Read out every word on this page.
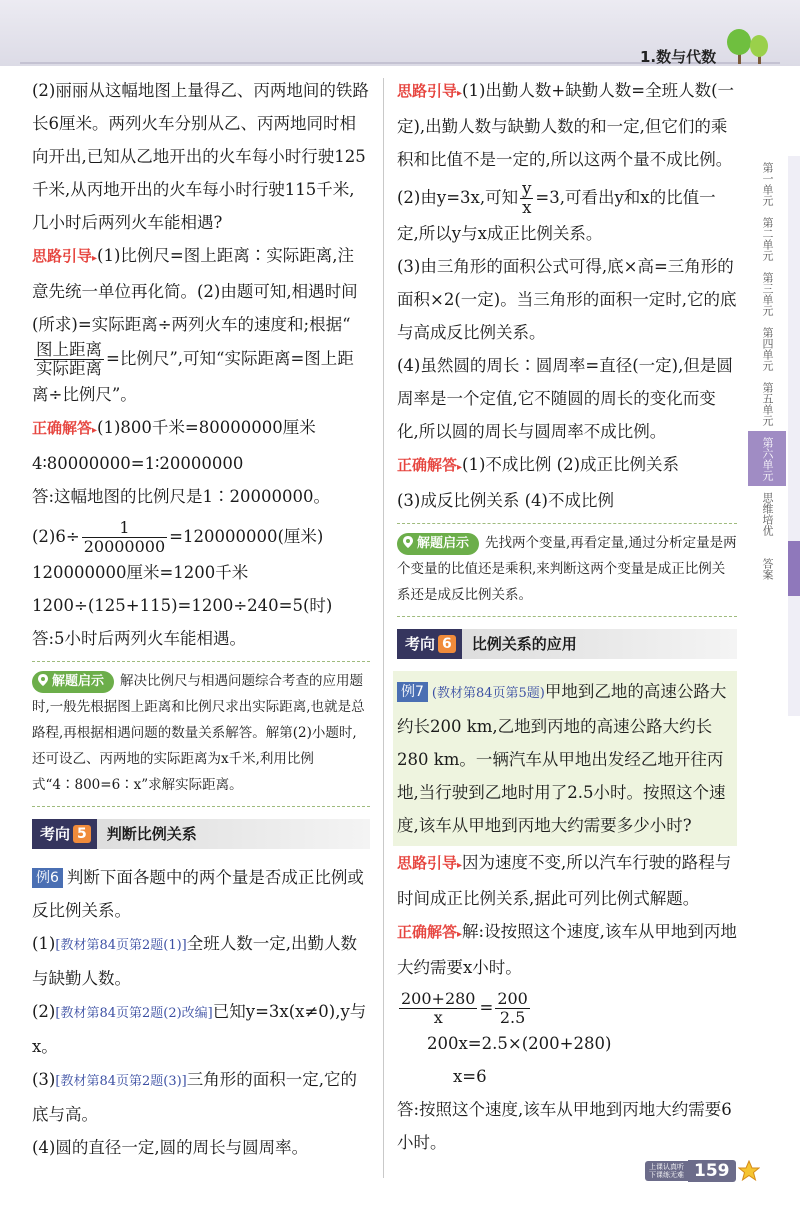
1.数与代数

(2)丽丽从这幅地图上量得乙、丙两地间的铁路长6厘米。两列火车分别从乙、丙两地同时相向开出,已知从乙地开出的火车每小时行驶125千米,从丙地开出的火车每小时行驶115千米,几小时后两列火车能相遇?

思路引导▸(1)比例尺=图上距离∶实际距离,注意先统一单位再化简。(2)由题可知,相遇时间(所求)=实际距离÷两列火车的速度和;根据“
$\frac{\text{图上距离}}{\text{实际距离}}$ =比例尺”,可知“实际距离=图上距离÷比例尺”。

正确解答▸(1)800千米=80000000厘米

4∶80000000=1∶20000000

答:这幅地图的比例尺是1∶20000000。

$(2)6\div \frac{1}{20000000} =120000000$(厘米)

120000000厘米=1200千米

1200÷(125+115)=1200÷240=5(时)

答:5小时后两列火车能相遇。

解题启示 解决比例尺与相遇问题综合考查的应用题时,一般先根据图上距离和比例尺求出实际距离,也就是总路程,再根据相遇问题的数量关系解答。解第(2)小题时,还可设乙、丙两地的实际距离为x千米,利用比例式“4∶800=6∶x”求解实际距离。
考向 5 判断比例关系

例6 判断下面各题中的两个量是否成正比例或反比例关系。

(1)[教材第84页第2题(1)]全班人数一定,出勤人数与缺勤人数。

(2)[教材第84页第2题(2)改编]已知y=3x(x≠0),y与x。

(3)[教材第84页第2题(3)]三角形的面积一定,它的底与高。

(4)圆的直径一定,圆的周长与圆周率。

思路引导▸(1)出勤人数+缺勤人数=全班人数(一定),出勤人数与缺勤人数的和一定,但它们的乘积和比值不是一定的,所以这两个量不成比例。

(2)由y=3x,可知 $\frac{y}{x} =3$,可看出y和x的比值一定,所以y与x成正比例关系。

(3)由三角形的面积公式可得,底×高=三角形的面积×2(一定)。当三角形的面积一定时,它的底与高成反比例关系。

(4)虽然圆的周长∶圆周率=直径(一定),但是圆周率是一个定值,它不随圆的周长的变化而变化,所以圆的周长与圆周率不成比例。

正确解答▸(1)不成比例 (2)成正比例关系

(3)成反比例关系 (4)不成比例

解题启示 先找两个变量,再看定量,通过分析定量是两个变量的比值还是乘积,来判断这两个变量是成正比例关系还是成反比例关系。
考向 6 比例关系的应用

例7 (教材第84页第5题)甲地到乙地的高速公路大约长200 km,乙地到丙地的高速公路大约长280 km。一辆汽车从甲地出发经乙地开往丙地,当行驶到乙地时用了2.5小时。按照这个速度,该车从甲地到丙地大约需要多少小时?

思路引导▸因为速度不变,所以汽车行驶的路程与时间成正比例关系,据此可列比例式解题。

正确解答▸解:设按照这个速度,该车从甲地到丙地大约需要x小时。

$\frac{200+280}{x} = \frac{200}{2.5}$

200x=2.5×(200+280)

x=6

答:按照这个速度,该车从甲地到丙地大约需要6小时。

第一单元
第二单元
第三单元
第四单元
第五单元
第六单元
思维培优
答案
上课认真听
下课练无难 159
